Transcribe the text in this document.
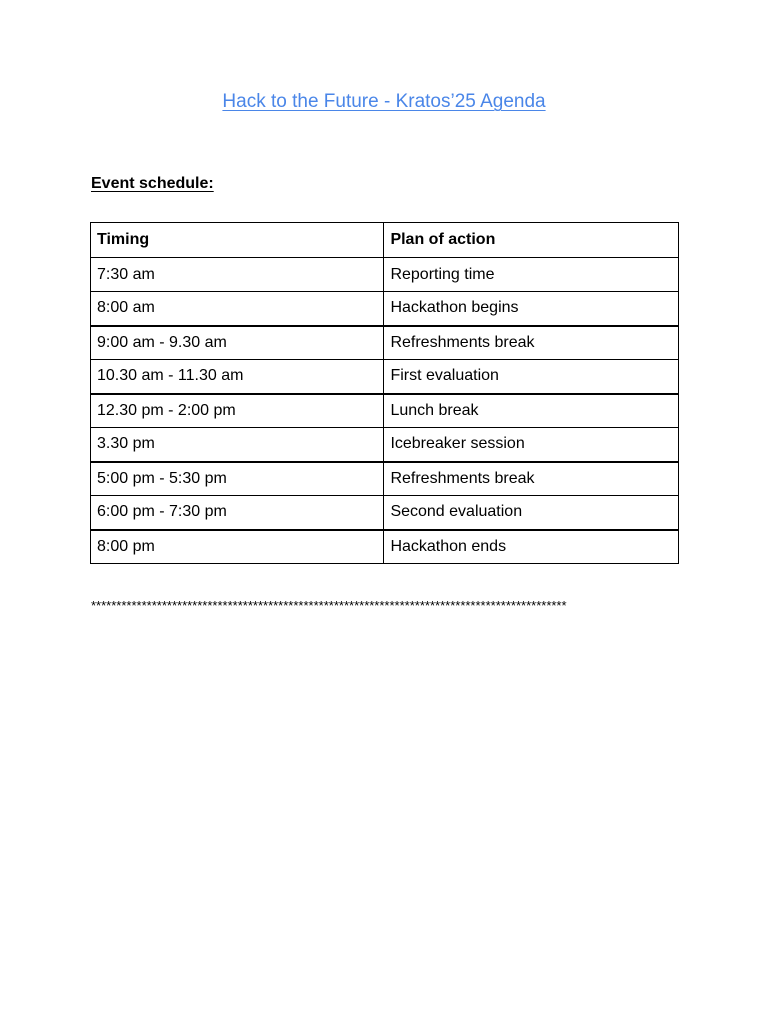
Hack to the Future - Kratos’25 Agenda

Event schedule:

Timing	Plan of action
7:30 am	Reporting time
8:00 am	Hackathon begins
9:00 am - 9.30 am	Refreshments break
10.30 am - 11.30 am	First evaluation
12.30 pm - 2:00 pm	Lunch break
3.30 pm	Icebreaker session
5:00 pm - 5:30 pm	Refreshments break
6:00 pm - 7:30 pm	Second evaluation
8:00 pm	Hackathon ends

**********************************************************************************************
